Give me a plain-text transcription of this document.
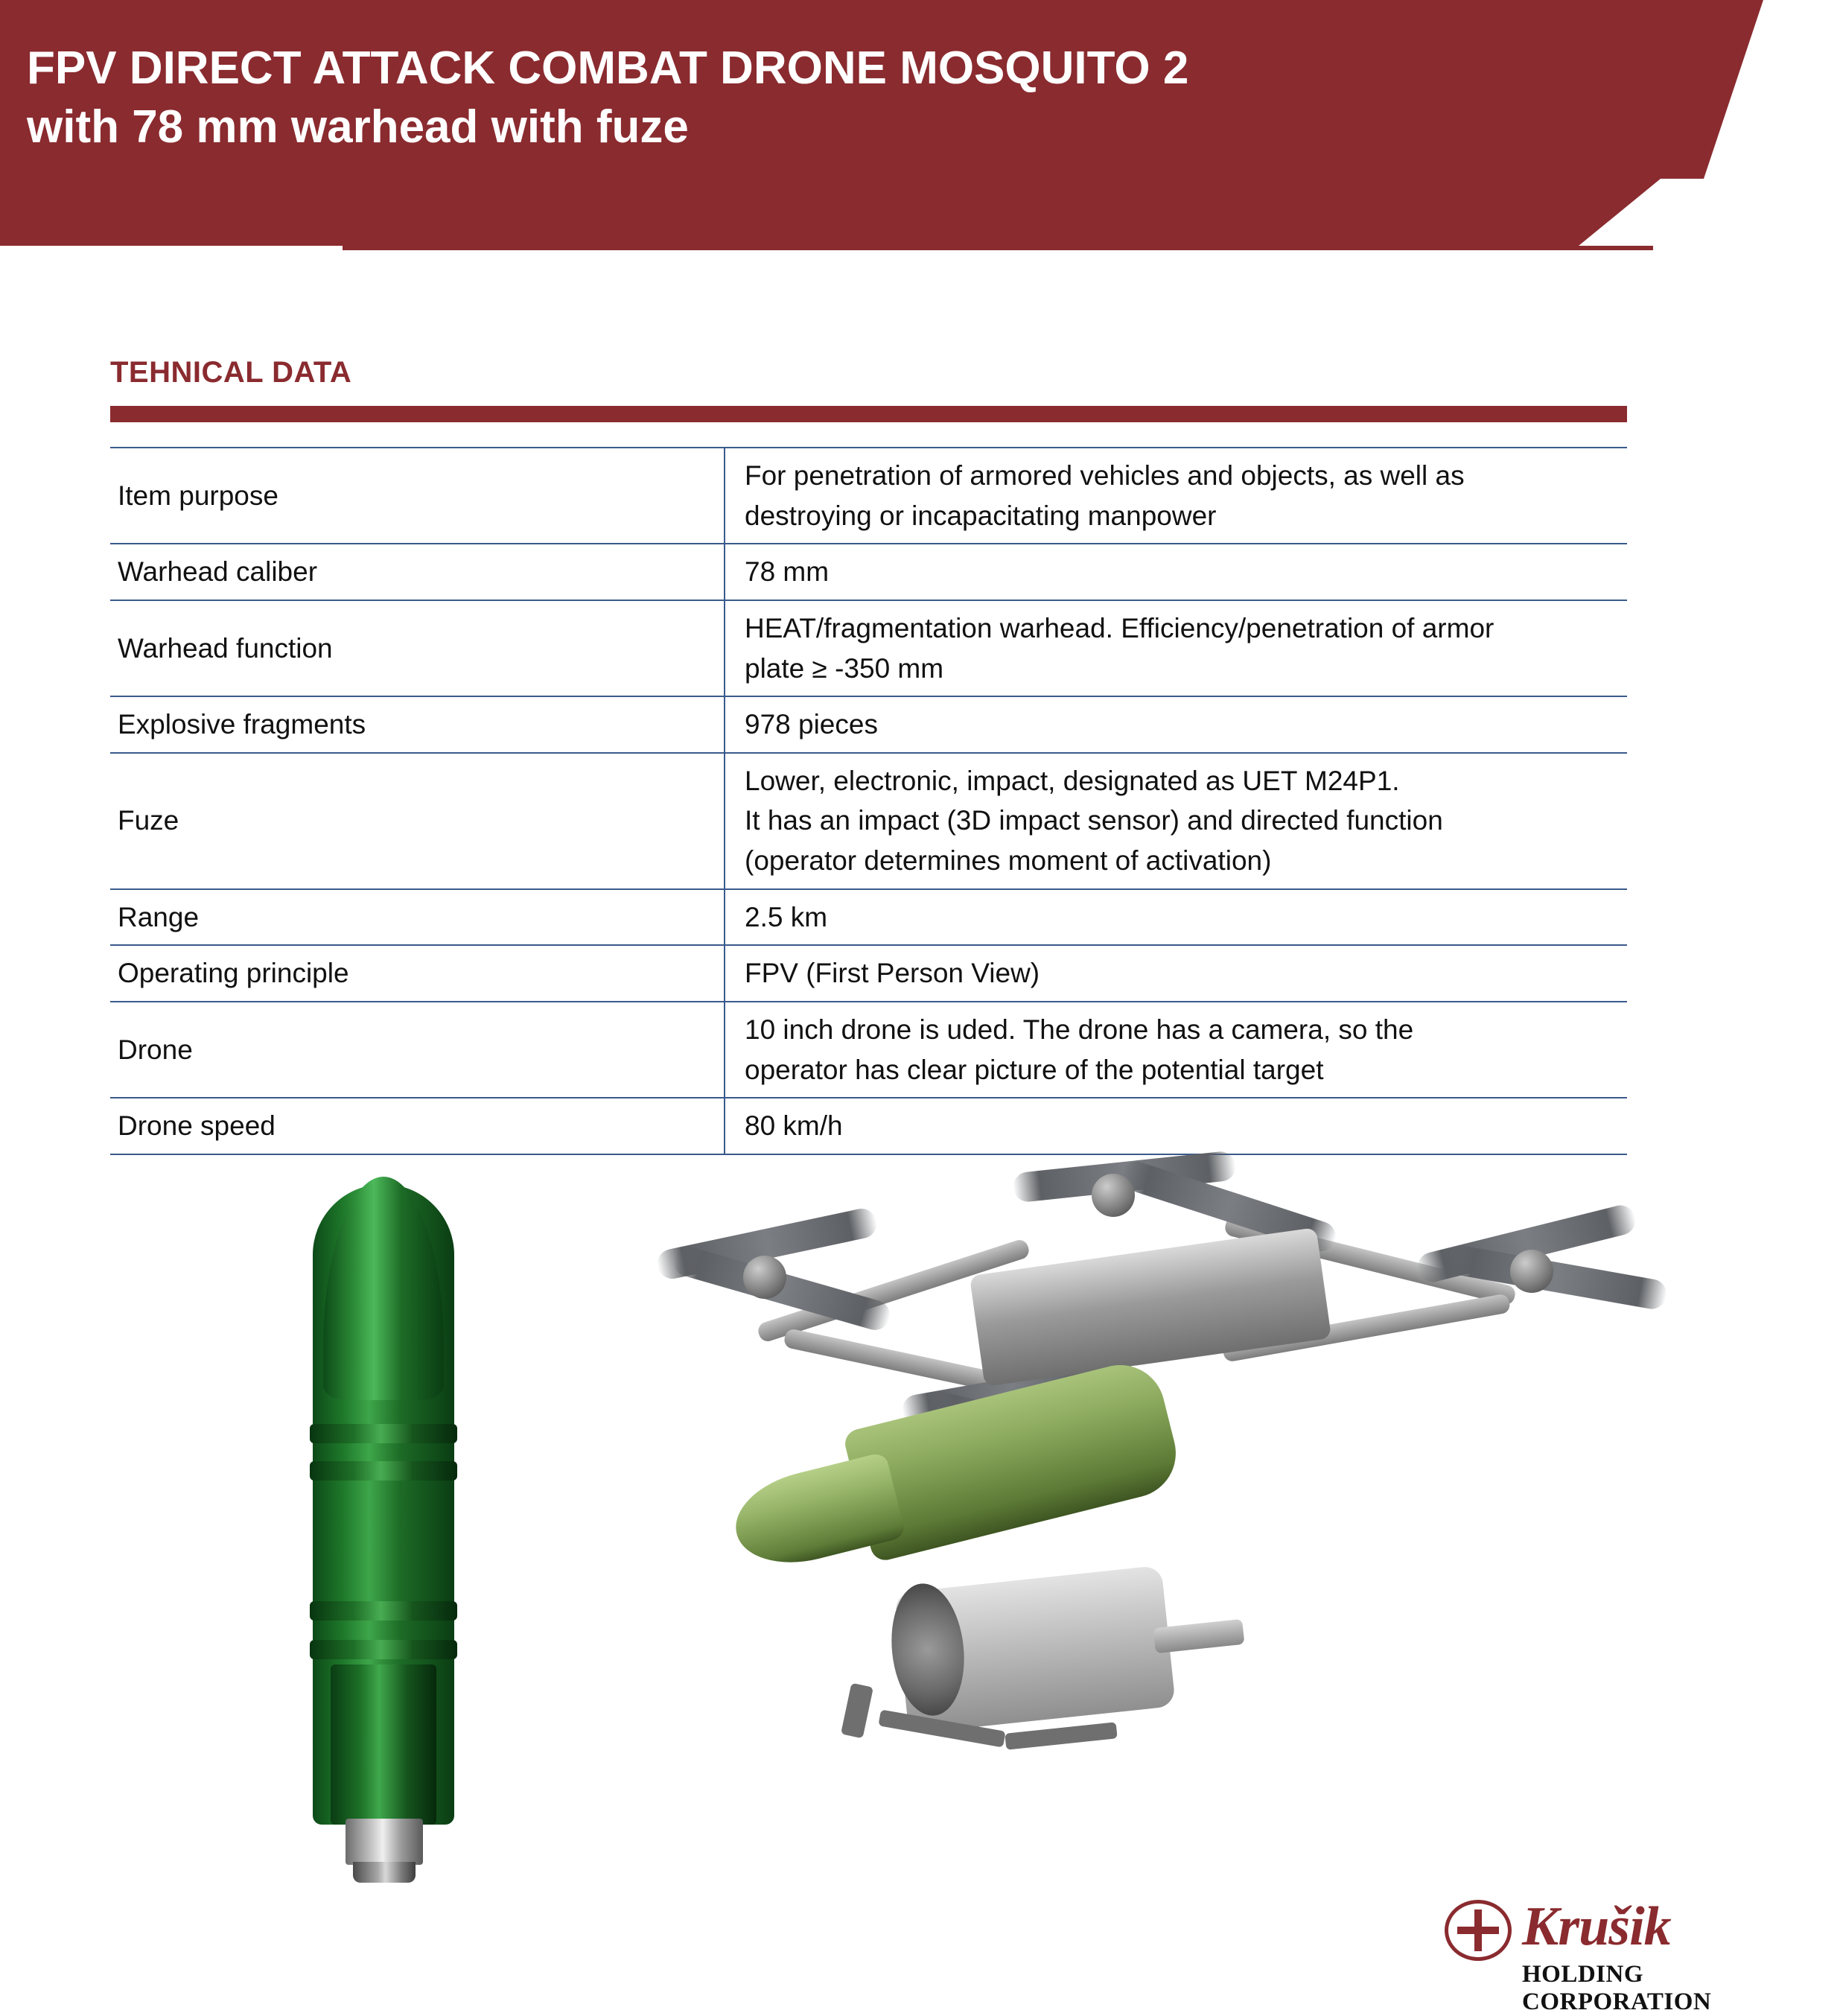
FPV DIRECT ATTACK COMBAT DRONE MOSQUITO 2
with 78 mm warhead with fuze
TEHNICAL DATA
Item purpose	For penetration of armored vehicles and objects, as well as
destroying or incapacitating manpower

Warhead caliber	78 mm

Warhead function	HEAT/fragmentation warhead. Efficiency/penetration of armor
plate ≥ -350 mm

Explosive fragments	978 pieces

Fuze	Lower, electronic, impact, designated as UET M24P1.
It has an impact (3D impact sensor) and directed function
(operator determines moment of activation)

Range	2.5 km

Operating principle	FPV (First Person View)

Drone	10 inch drone is uded. The drone has a camera, so the
operator has clear picture of the potential target

Drone speed	80 km/h
Krušik
HOLDING CORPORATION
